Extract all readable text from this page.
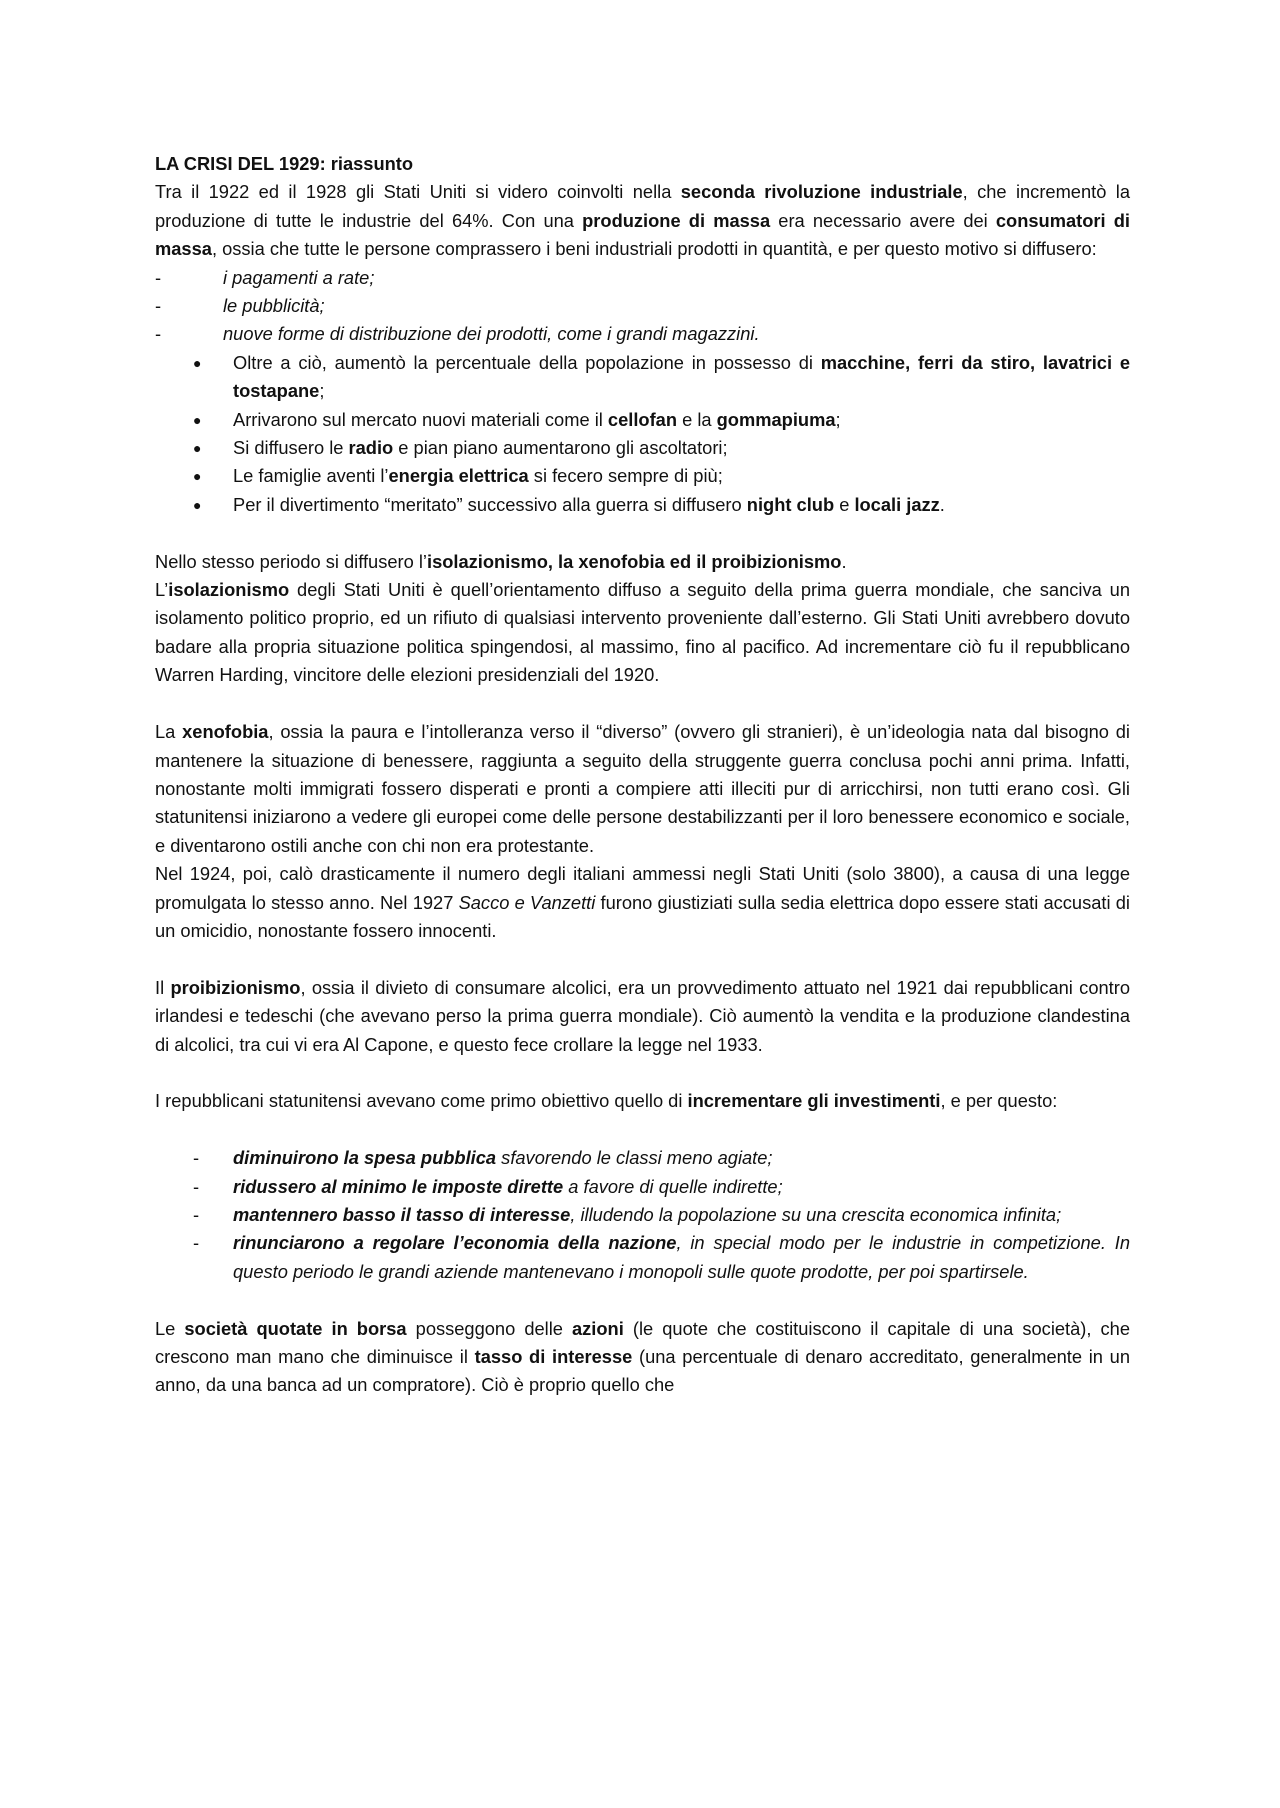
LA CRISI DEL 1929: riassunto

Tra il 1922 ed il 1928 gli Stati Uniti si videro coinvolti nella seconda rivoluzione industriale, che incrementò la produzione di tutte le industrie del 64%. Con una produzione di massa era necessario avere dei consumatori di massa, ossia che tutte le persone comprassero i beni industriali prodotti in quantità, e per questo motivo si diffusero:

-	i pagamenti a rate;
-	le pubblicità;
-	nuove forme di distribuzione dei prodotti, come i grandi magazzini.
● Oltre a ciò, aumentò la percentuale della popolazione in possesso di macchine, ferri da stiro, lavatrici e tostapane;
● Arrivarono sul mercato nuovi materiali come il cellofan e la gommapiuma;
● Si diffusero le radio e pian piano aumentarono gli ascoltatori;
● Le famiglie aventi l’energia elettrica si fecero sempre di più;
● Per il divertimento “meritato” successivo alla guerra si diffusero night club e locali jazz.

Nello stesso periodo si diffusero l’isolazionismo, la xenofobia ed il proibizionismo.

L’isolazionismo degli Stati Uniti è quell’orientamento diffuso a seguito della prima guerra mondiale, che sanciva un isolamento politico proprio, ed un rifiuto di qualsiasi intervento proveniente dall’esterno. Gli Stati Uniti avrebbero dovuto badare alla propria situazione politica spingendosi, al massimo, fino al pacifico. Ad incrementare ciò fu il repubblicano Warren Harding, vincitore delle elezioni presidenziali del 1920.

La xenofobia, ossia la paura e l’intolleranza verso il “diverso” (ovvero gli stranieri), è un’ideologia nata dal bisogno di mantenere la situazione di benessere, raggiunta a seguito della struggente guerra conclusa pochi anni prima. Infatti, nonostante molti immigrati fossero disperati e pronti a compiere atti illeciti pur di arricchirsi, non tutti erano così. Gli statunitensi iniziarono a vedere gli europei come delle persone destabilizzanti per il loro benessere economico e sociale, e diventarono ostili anche con chi non era protestante.

Nel 1924, poi, calò drasticamente il numero degli italiani ammessi negli Stati Uniti (solo 3800), a causa di una legge promulgata lo stesso anno. Nel 1927 Sacco e Vanzetti furono giustiziati sulla sedia elettrica dopo essere stati accusati di un omicidio, nonostante fossero innocenti.

Il proibizionismo, ossia il divieto di consumare alcolici, era un provvedimento attuato nel 1921 dai repubblicani contro irlandesi e tedeschi (che avevano perso la prima guerra mondiale). Ciò aumentò la vendita e la produzione clandestina di alcolici, tra cui vi era Al Capone, e questo fece crollare la legge nel 1933.

I repubblicani statunitensi avevano come primo obiettivo quello di incrementare gli investimenti, e per questo:

- diminuirono la spesa pubblica sfavorendo le classi meno agiate;
- ridussero al minimo le imposte dirette a favore di quelle indirette;
- mantennero basso il tasso di interesse, illudendo la popolazione su una crescita economica infinita;
- rinunciarono a regolare l’economia della nazione, in special modo per le industrie in competizione. In questo periodo le grandi aziende mantenevano i monopoli sulle quote prodotte, per poi spartirsele.

Le società quotate in borsa posseggono delle azioni (le quote che costituiscono il capitale di una società), che crescono man mano che diminuisce il tasso di interesse (una percentuale di denaro accreditato, generalmente in un anno, da una banca ad un compratore). Ciò è proprio quello che
